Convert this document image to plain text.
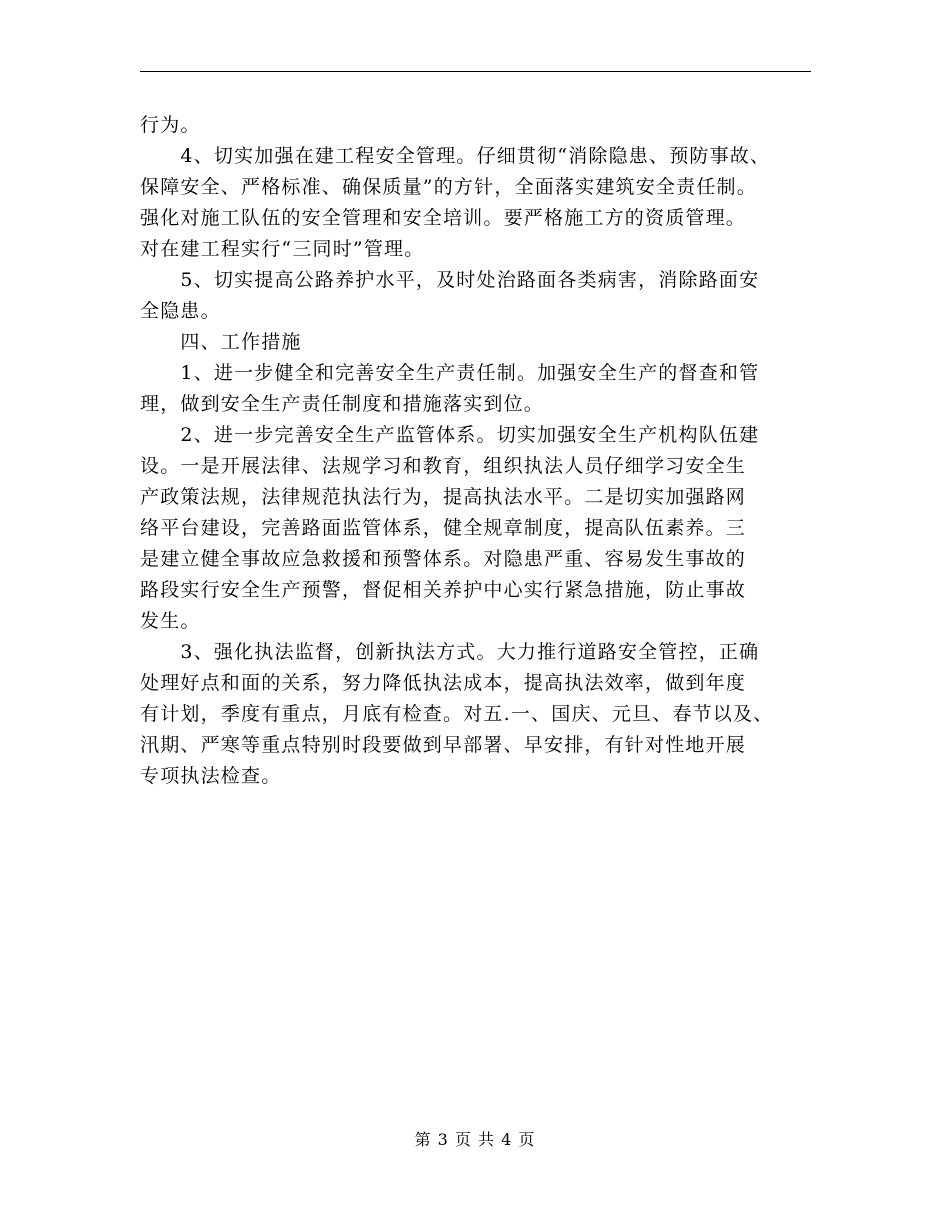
行为。
　　4、切实加强在建工程安全管理。仔细贯彻“消除隐患、预防事故、
保障安全、严格标准、确保质量”的方针，全面落实建筑安全责任制。
强化对施工队伍的安全管理和安全培训。要严格施工方的资质管理。
对在建工程实行“三同时”管理。
　　5、切实提高公路养护水平，及时处治路面各类病害，消除路面安
全隐患。
　　四、工作措施
　　1、进一步健全和完善安全生产责任制。加强安全生产的督查和管
理，做到安全生产责任制度和措施落实到位。
　　2、进一步完善安全生产监管体系。切实加强安全生产机构队伍建
设。一是开展法律、法规学习和教育，组织执法人员仔细学习安全生
产政策法规，法律规范执法行为，提高执法水平。二是切实加强路网
络平台建设，完善路面监管体系，健全规章制度，提高队伍素养。三
是建立健全事故应急救援和预警体系。对隐患严重、容易发生事故的
路段实行安全生产预警，督促相关养护中心实行紧急措施，防止事故
发生。
　　3、强化执法监督，创新执法方式。大力推行道路安全管控，正确
处理好点和面的关系，努力降低执法成本，提高执法效率，做到年度
有计划，季度有重点，月底有检查。对五.一、国庆、元旦、春节以及、
汛期、严寒等重点特别时段要做到早部署、早安排，有针对性地开展
专项执法检查。
第 3 页 共 4 页
